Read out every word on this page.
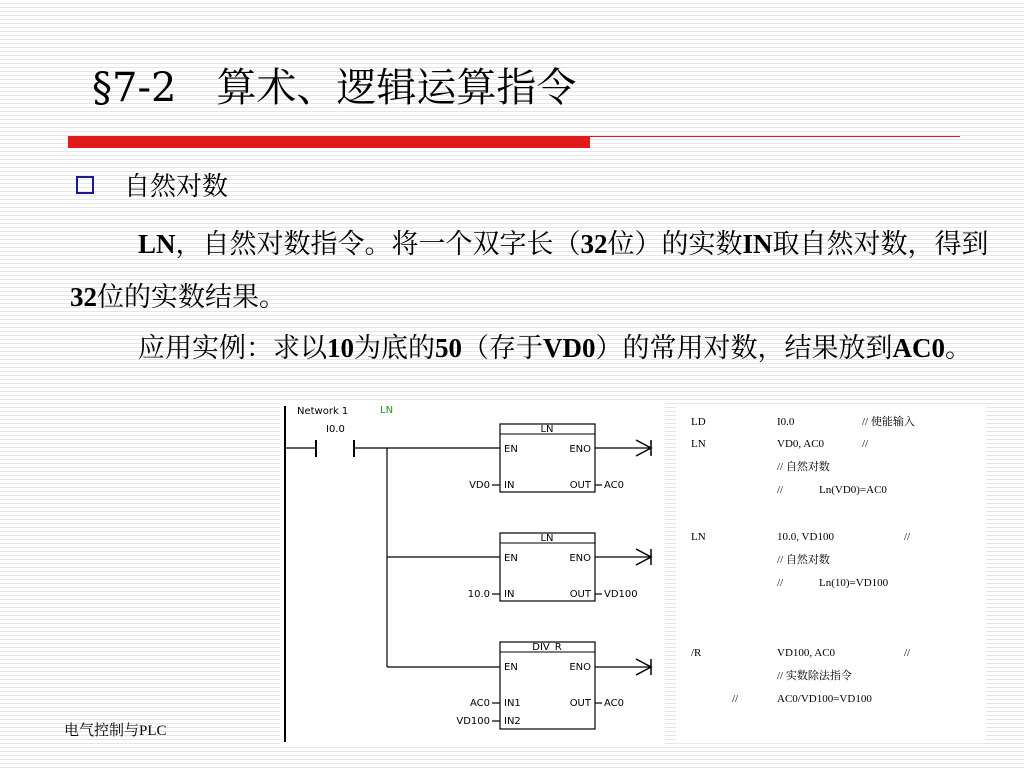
§7-2　算术、逻辑运算指令
自然对数

LN，自然对数指令。将一个双字长（32位）的实数IN取自然对数，得到32位的实数结果。

应用实例：求以10为底的50（存于VD0）的常用对数，结果放到AC0。

Network 1	LN
I0.0	LN
EN	ENO
IN	OUT
VD0	AC0
LN
EN	ENO
IN	OUT
10.0	VD100
DIV_R
EN	ENO
IN1
IN2
OUT
AC0
VD100
AC0
LD	I0.0	// 使能输入
LN	VD0, AC0	//
// 自然对数
//	Ln(VD0)=AC0
LN	10.0, VD100	//
// 自然对数
//	Ln(10)=VD100
/R	VD100, AC0	//
// 实数除法指令
//	AC0/VD100=VD100
电气控制与PLC
